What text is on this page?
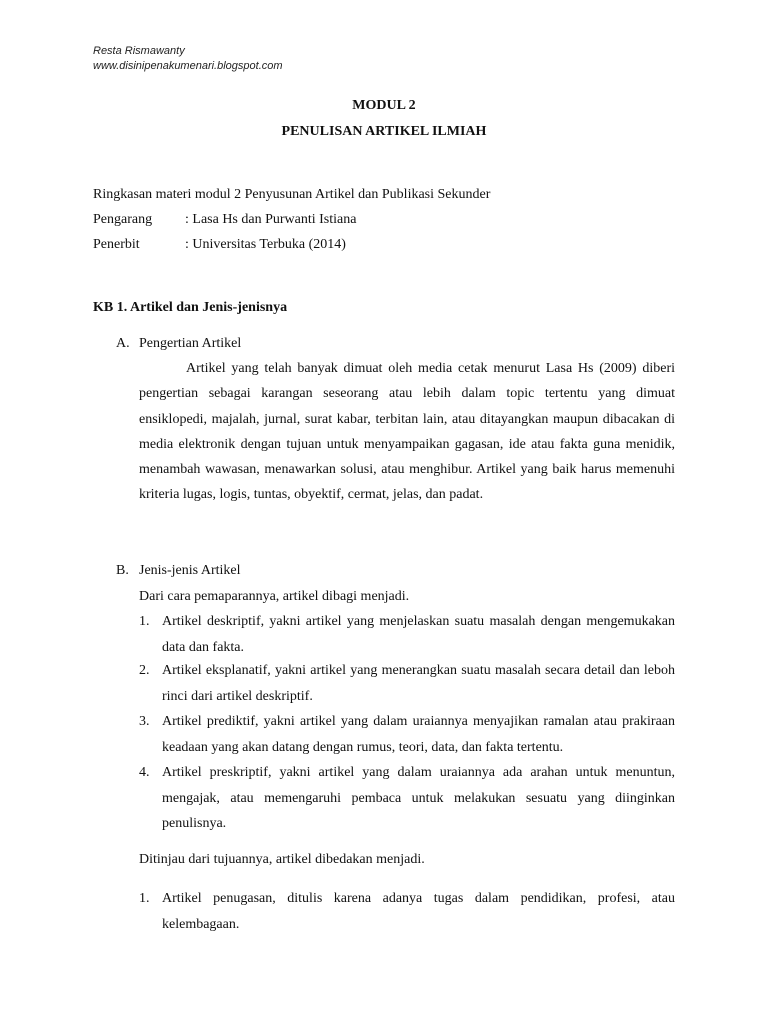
Resta Rismawanty
www.disinipenakumenari.blogspot.com
MODUL 2
PENULISAN ARTIKEL ILMIAH
Ringkasan materi modul 2 Penyusunan Artikel dan Publikasi Sekunder
Pengarang : Lasa Hs dan Purwanti Istiana
Penerbit	: Universitas Terbuka (2014)
KB 1. Artikel dan Jenis-jenisnya
A. Pengertian Artikel
Artikel yang telah banyak dimuat oleh media cetak menurut Lasa Hs (2009) diberi pengertian sebagai karangan seseorang atau lebih dalam topic tertentu yang dimuat ensiklopedi, majalah, jurnal, surat kabar, terbitan lain, atau ditayangkan maupun dibacakan di media elektronik dengan tujuan untuk menyampaikan gagasan, ide atau fakta guna menidik, menambah wawasan, menawarkan solusi, atau menghibur. Artikel yang baik harus memenuhi kriteria lugas, logis, tuntas, obyektif, cermat, jelas, dan padat.
B. Jenis-jenis Artikel
Dari cara pemaparannya, artikel dibagi menjadi.
1. Artikel deskriptif, yakni artikel yang menjelaskan suatu masalah dengan mengemukakan data dan fakta.
2. Artikel eksplanatif, yakni artikel yang menerangkan suatu masalah secara detail dan leboh rinci dari artikel deskriptif.
3. Artikel prediktif, yakni artikel yang dalam uraiannya menyajikan ramalan atau prakiraan keadaan yang akan datang dengan rumus, teori, data, dan fakta tertentu.
4. Artikel preskriptif, yakni artikel yang dalam uraiannya ada arahan untuk menuntun, mengajak, atau memengaruhi pembaca untuk melakukan sesuatu yang diinginkan penulisnya.
Ditinjau dari tujuannya, artikel dibedakan menjadi.
1. Artikel penugasan, ditulis karena adanya tugas dalam pendidikan, profesi, atau kelembagaan.
